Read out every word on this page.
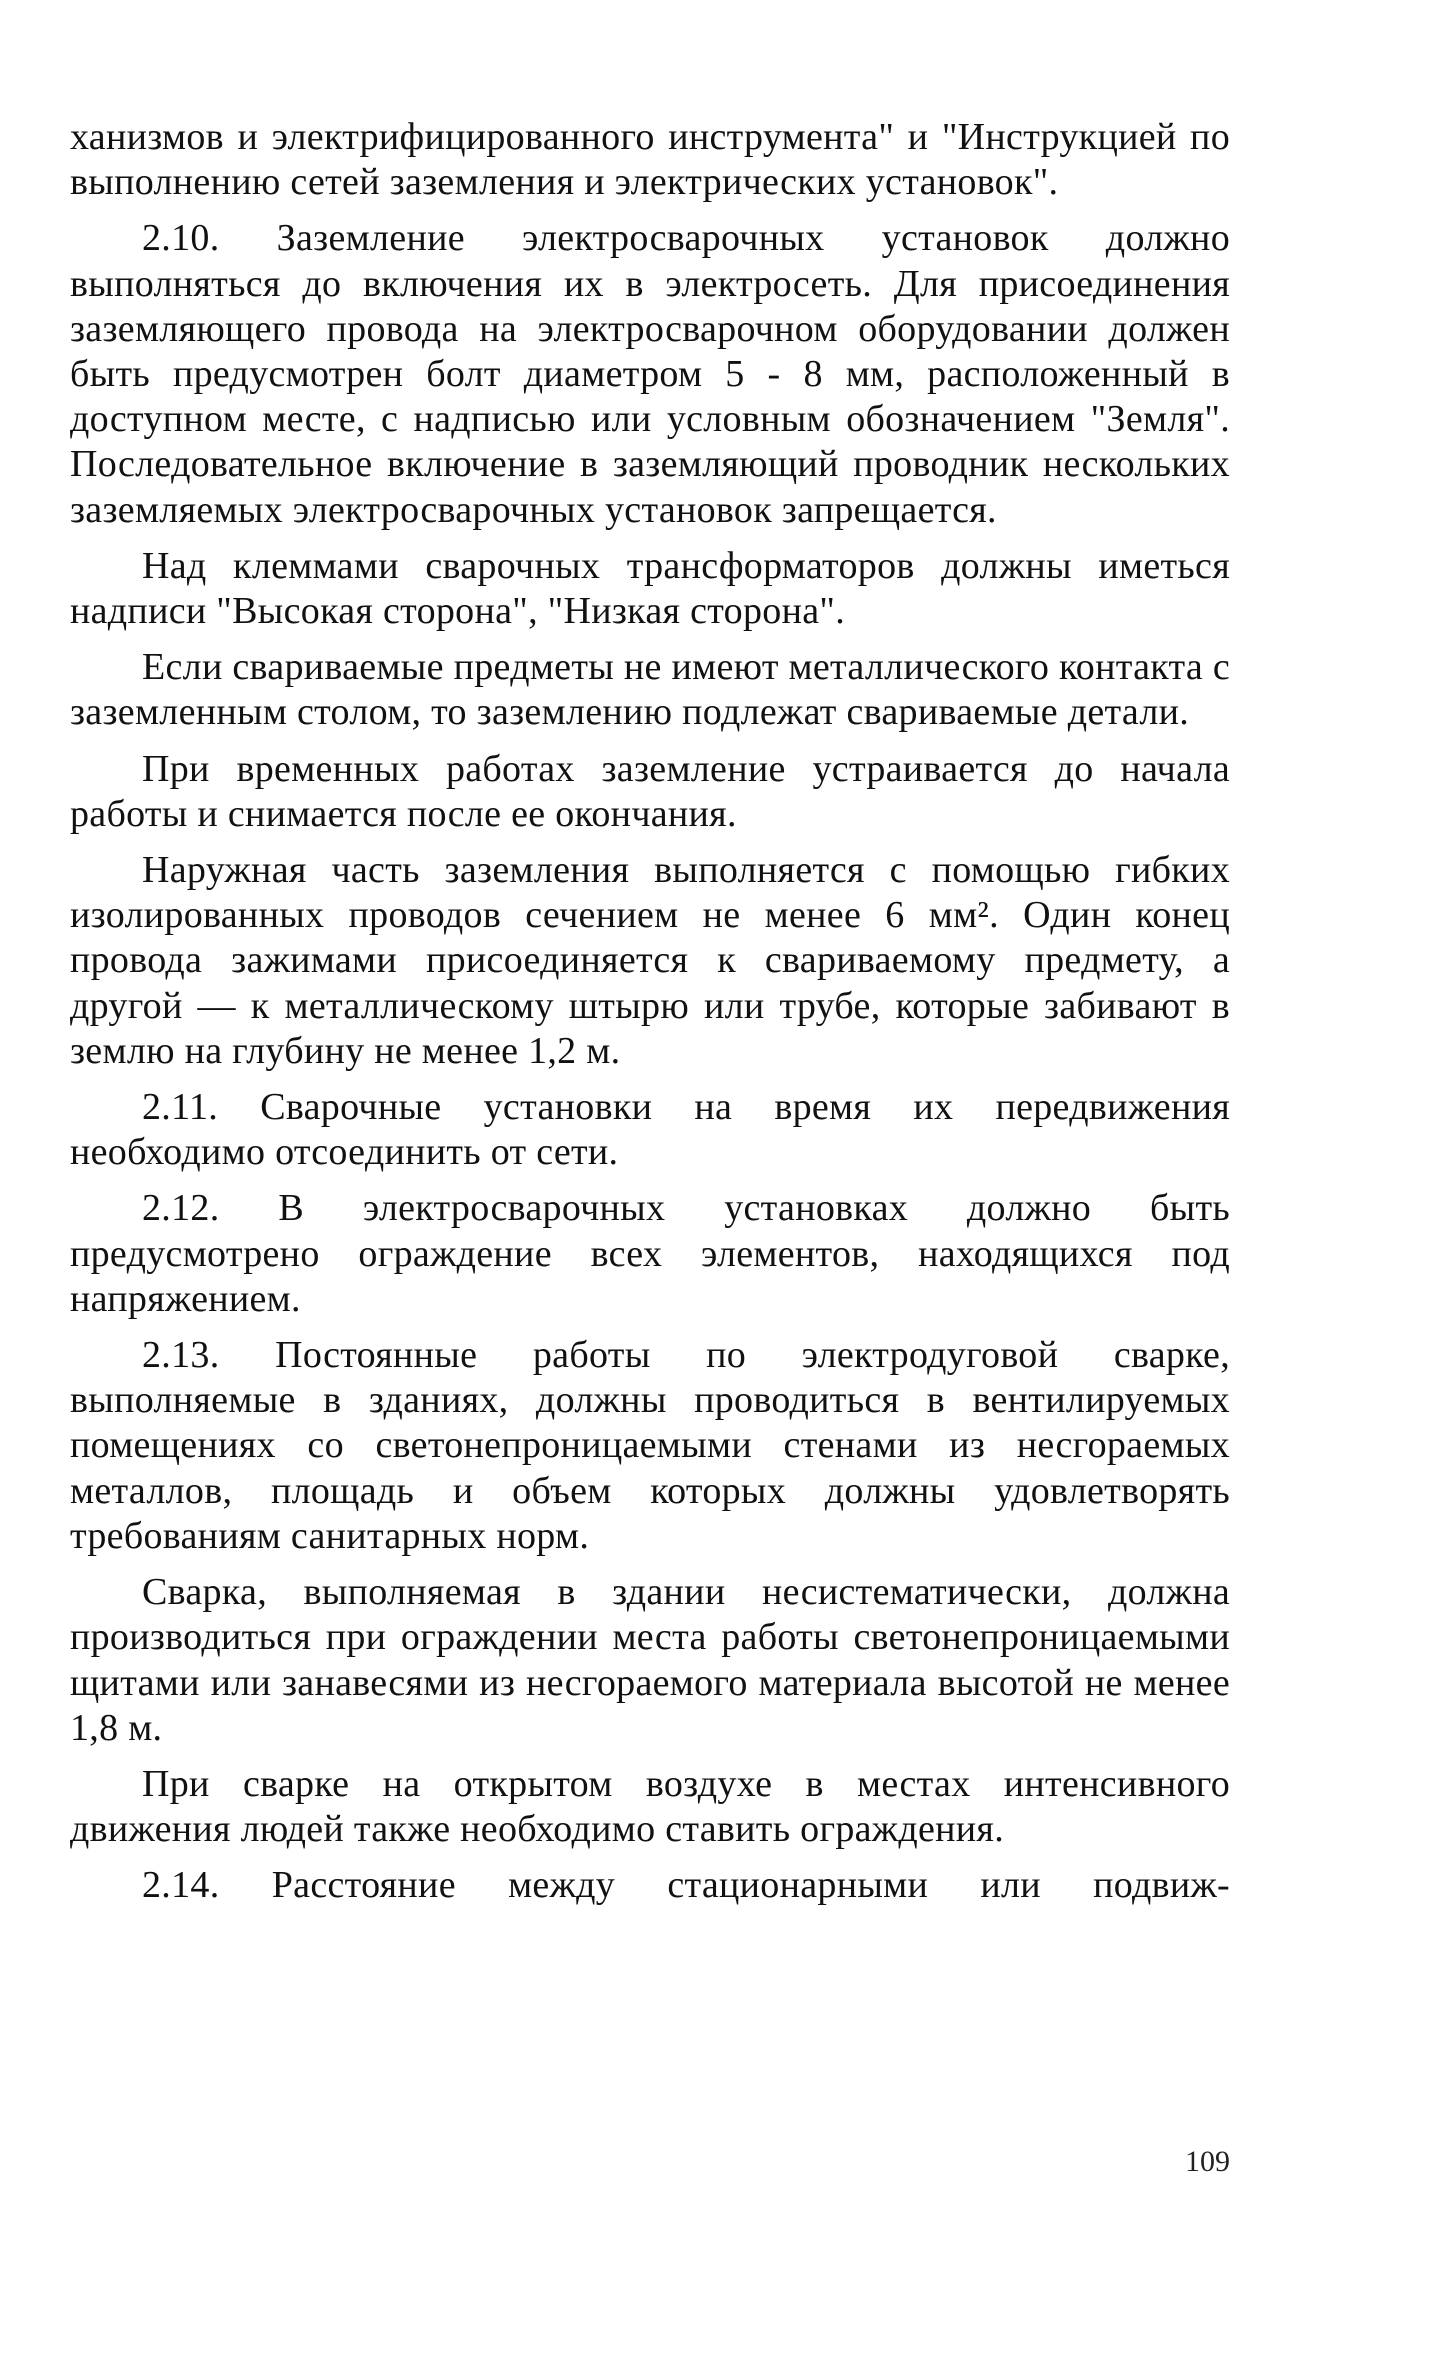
ханизмов и электрифицированного инструмента" и "Инструкцией по выполнению сетей заземления и электрических установок".

2.10. Заземление электросварочных установок должно выполняться до включения их в электросеть. Для присоединения заземляющего провода на электросварочном оборудовании должен быть предусмотрен болт диаметром 5 - 8 мм, расположенный в доступном месте, с надписью или условным обозначением "Земля". Последовательное включение в заземляющий проводник нескольких заземляемых электросварочных установок запрещается.

Над клеммами сварочных трансформаторов должны иметься надписи "Высокая сторона", "Низкая сторона".

Если свариваемые предметы не имеют металлического контакта с заземленным столом, то заземлению подлежат свариваемые детали.

При временных работах заземление устраивается до начала работы и снимается после ее окончания.

Наружная часть заземления выполняется с помощью гибких изолированных проводов сечением не менее 6 мм². Один конец провода зажимами присоединяется к свариваемому предмету, а другой — к металлическому штырю или трубе, которые забивают в землю на глубину не менее 1,2 м.

2.11. Сварочные установки на время их передвижения необходимо отсоединить от сети.

2.12. В электросварочных установках должно быть предусмотрено ограждение всех элементов, находящихся под напряжением.

2.13. Постоянные работы по электродуговой сварке, выполняемые в зданиях, должны проводиться в вентилируемых помещениях со светонепроницаемыми стенами из несгораемых металлов, площадь и объем которых должны удовлетворять требованиям санитарных норм.

Сварка, выполняемая в здании несистематически, должна производиться при ограждении места работы светонепроницаемыми щитами или занавесями из несгораемого материала высотой не менее 1,8 м.

При сварке на открытом воздухе в местах интенсивного движения людей также необходимо ставить ограждения.

2.14. Расстояние между стационарными или подвиж-

109
